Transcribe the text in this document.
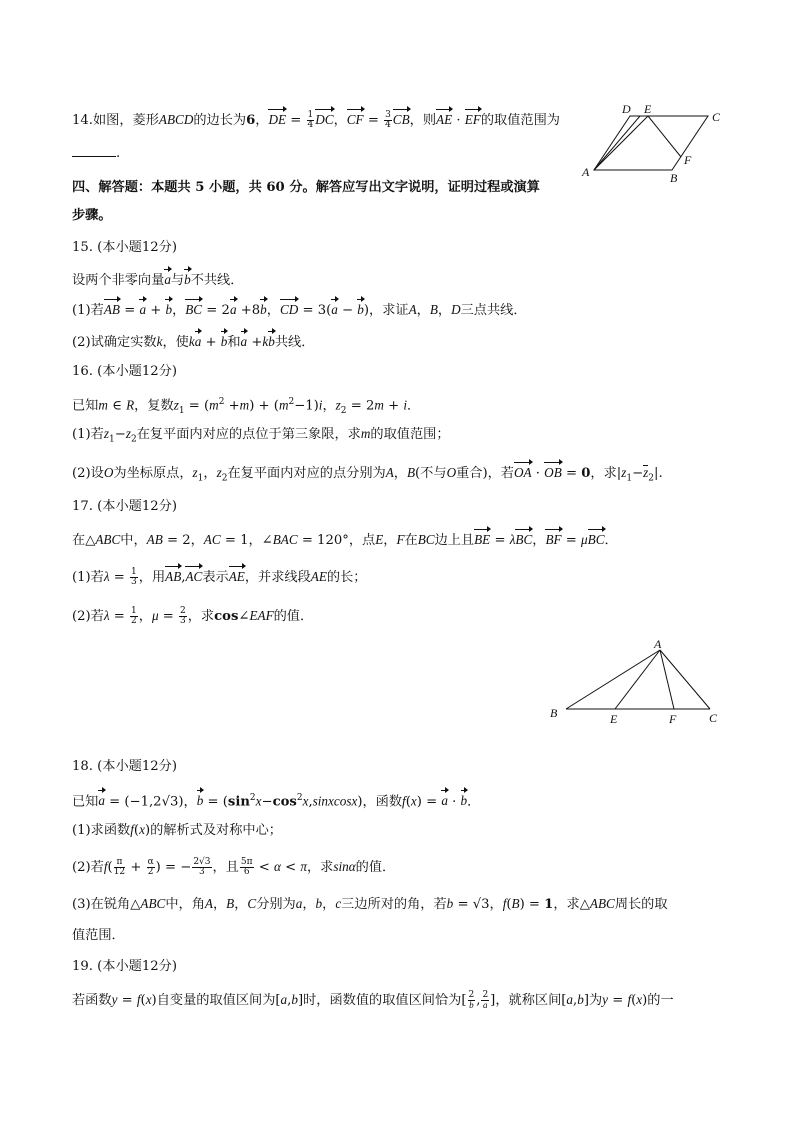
14.如图，菱形ABCD的边长为6，DE = $\frac{1}{4}$ DC，CF = $\frac{3}{4}$ CB，则AE · EF的取值范围为
.
D E
C
A	B
F
四、解答题：本题共 5 小题，共 60 分。解答应写出文字说明，证明过程或演算
步骤。
15. (本小题12分)
设两个非零向量a与b不共线．
(1)若AB = a + b，BC = 2a +8b，CD = 3(a − b)，求证A，B，D三点共线．
(2)试确定实数k，使ka + b和a +kb共线．
16. (本小题12分)
已知m ∈ R，复数$z_1 = (m^2 +m) + (m^2-1)i$，$z_2 = 2m + i$．
(1)若$z_1-z_2$在复平面内对应的点位于第三象限，求m的取值范围；
(2)设O为坐标原点，$z_1$，$z_2$在复平面内对应的点分别为A，B(不与O重合)，若OA · OB = 0，求$|z_1-z_2|$.
17. (本小题12分)
在△ABC中，AB = 2，AC = 1，∠BAC = 120°，点E，F在BC边上且BE = λBC，BF = μBC．
(1)若$\lambda = \frac{1}{3}$ ，用AB,AC表示AE，并求线段AE的长；
(2)若$\lambda = \frac{1}{2}$ ，$\mu = \frac{2}{3}$ ，求cos∠EAF的值．
A
B	E	F	C
18. (本小题12分)
已知a = (−1,2√3)，$b = (\sin^2x-\cos^2x,sinxcosx)$，函数f(x) = a · b．
(1)求函数f(x)的解析式及对称中心；
(2)若$f( \frac{\pi}{12} + \frac{\alpha}{2}$ ) = − $\frac{2√3}{3}$ ，且 $\frac{5\pi}{6} < \alpha < \pi$，求sinα的值．
(3)在锐角△ABC中，角A，B，C分别为a，b，c三边所对的角，若b = √3，f(B) = 1，求△ABC周长的取
值范围．
19. (本小题12分)
若函数y = f(x)自变量的取值区间为[a,b]时，函数值的取值区间恰为[ $\frac{2}{b}$ , $\frac{2}{a}$ ]，就称区间[a,b]为y = f(x)的一
